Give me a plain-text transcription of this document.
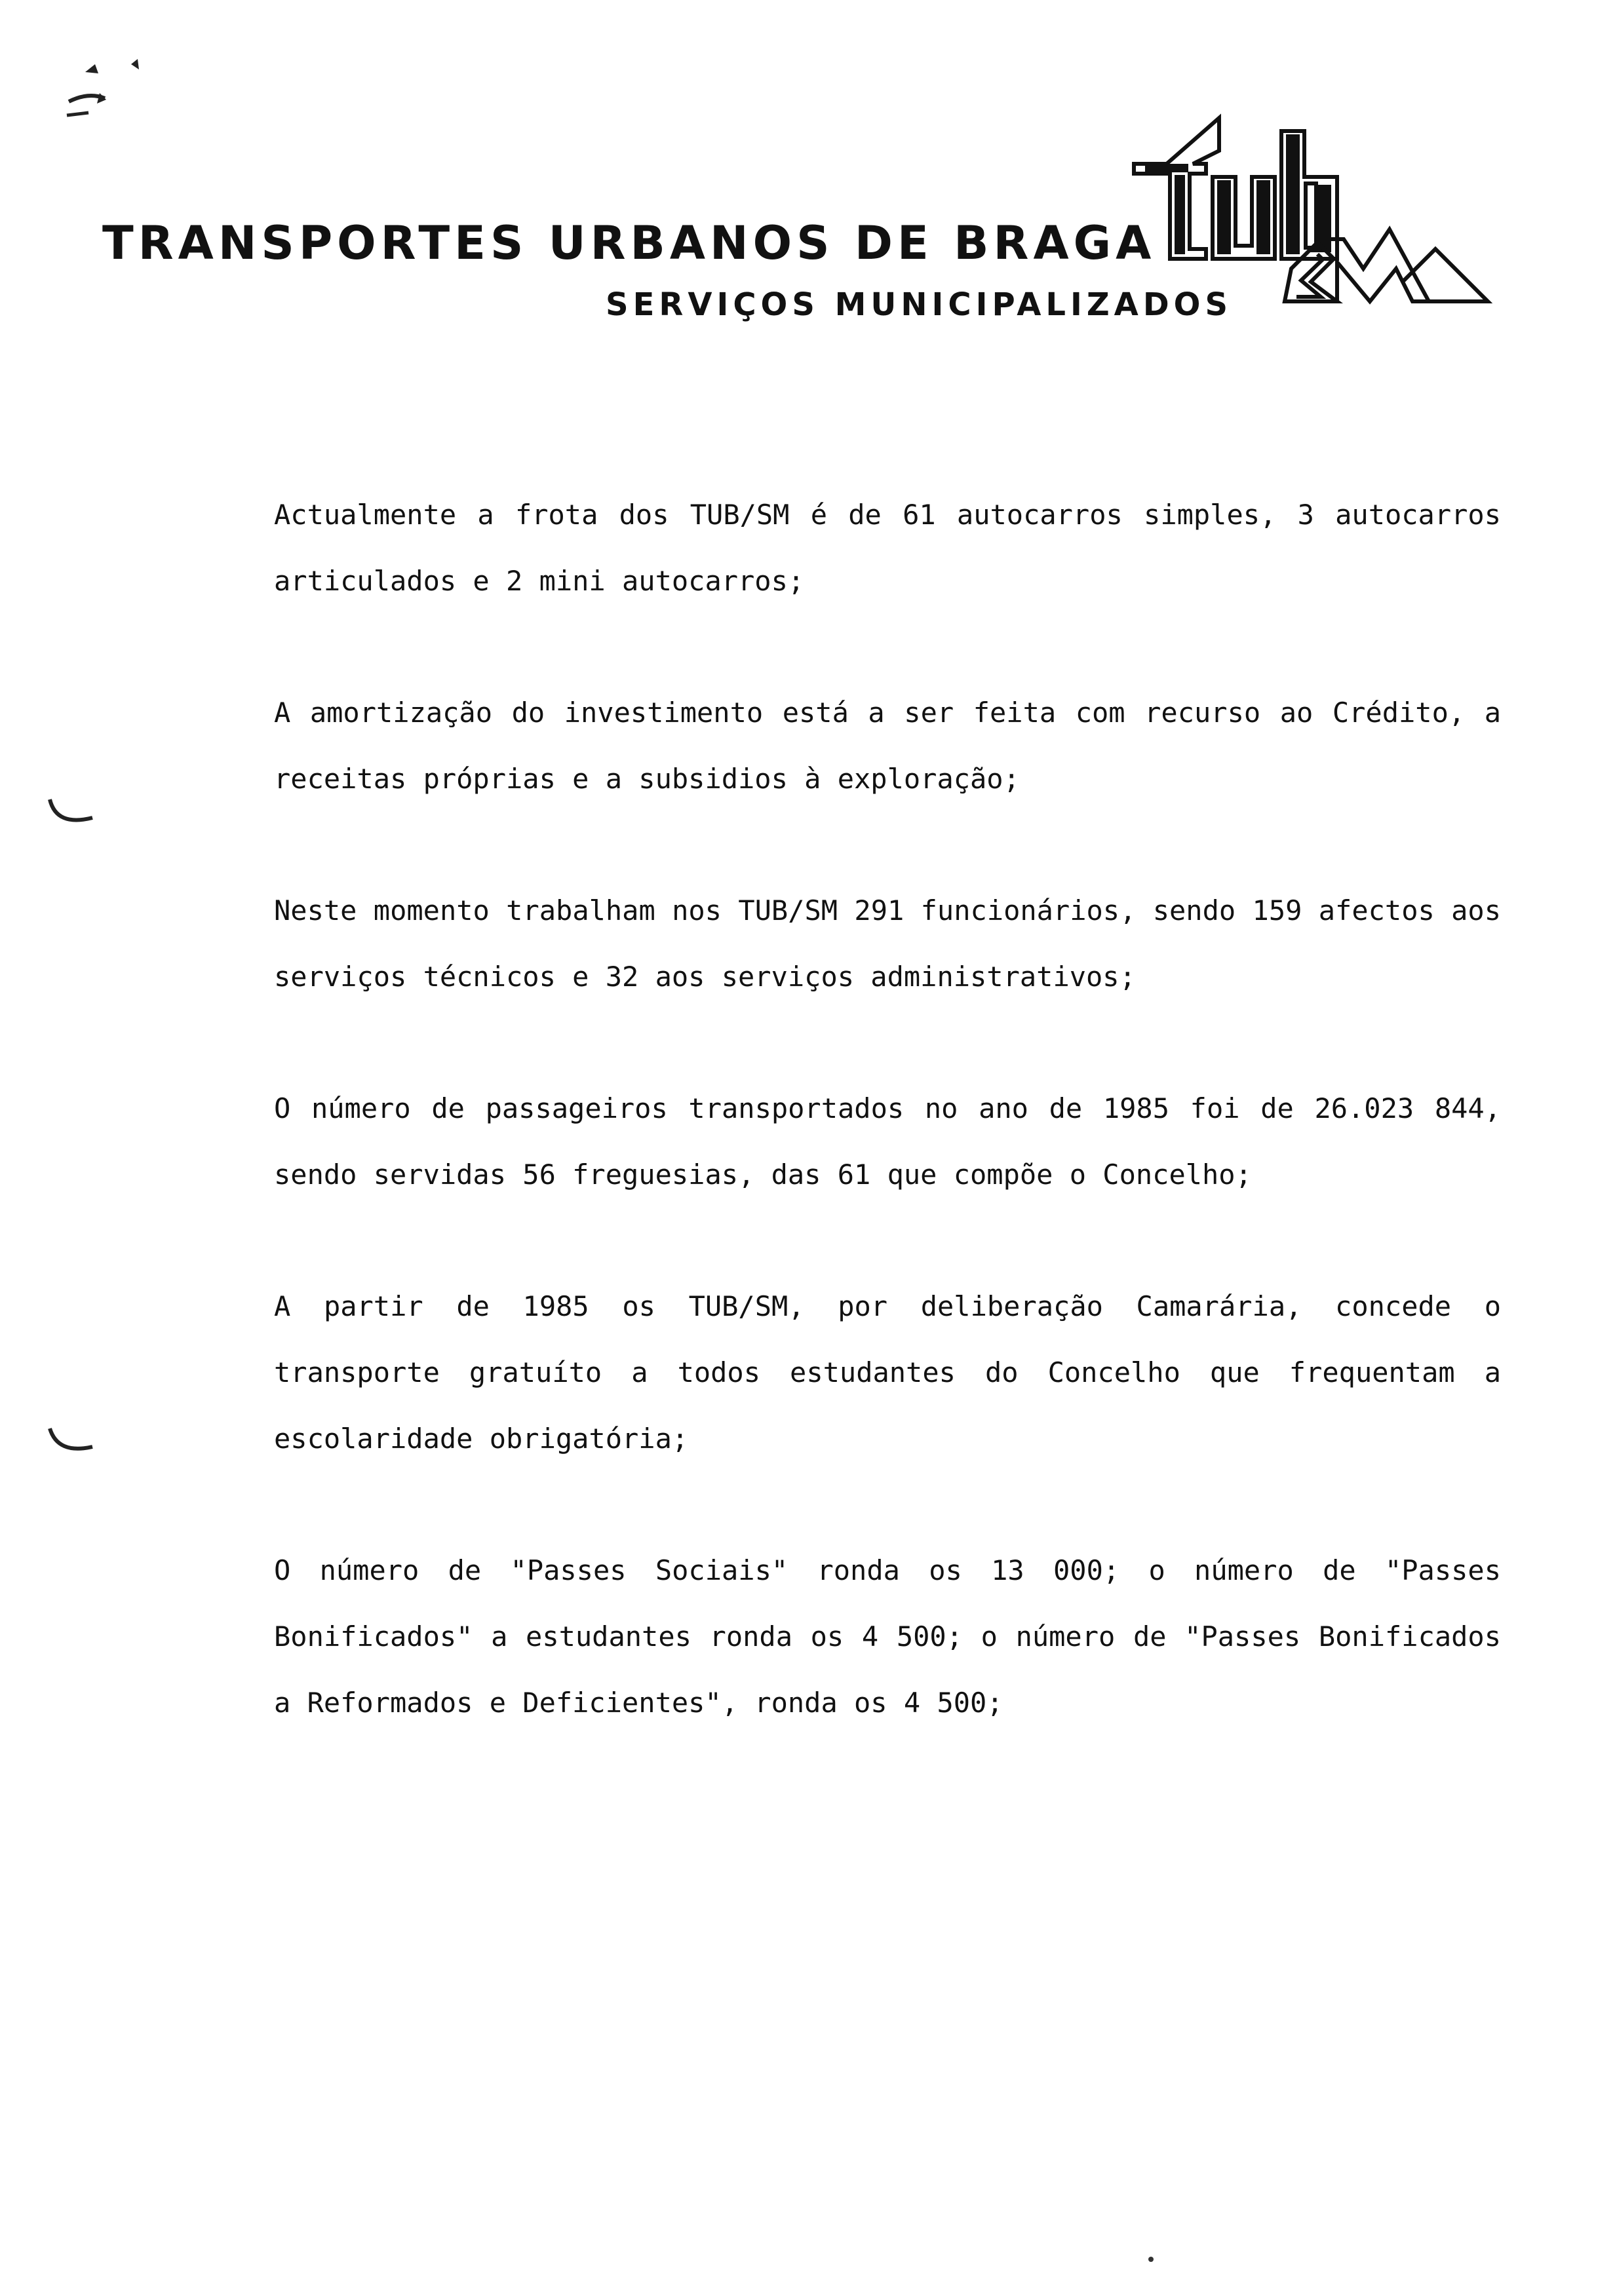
TRANSPORTES URBANOS DE BRAGA
SERVIÇOS MUNICIPALIZADOS

Actualmente a frota dos TUB/SM é de 61 autocarros simples, 3 autocarros articulados e 2 mini autocarros;

A amortização do investimento está a ser feita com recurso ao Crédito, a receitas próprias e a subsidios à exploração;

Neste momento trabalham nos TUB/SM 291 funcionários, sendo 159 afectos aos serviços técnicos e 32 aos serviços administrativos;

O número de passageiros transportados no ano de 1985 foi de 26.023 844, sendo servidas 56 freguesias, das 61 que compõe o Concelho;

A partir de 1985 os TUB/SM, por deliberação Camarária, concede o transporte gratuíto a todos estudantes do Concelho que frequentam a escolaridade obrigatória;

O número de "Passes Sociais" ronda os 13 000; o número de "Passes Bonificados" a estudantes ronda os 4 500; o número de "Passes Bonificados a Reformados e Deficientes", ronda os 4 500;
